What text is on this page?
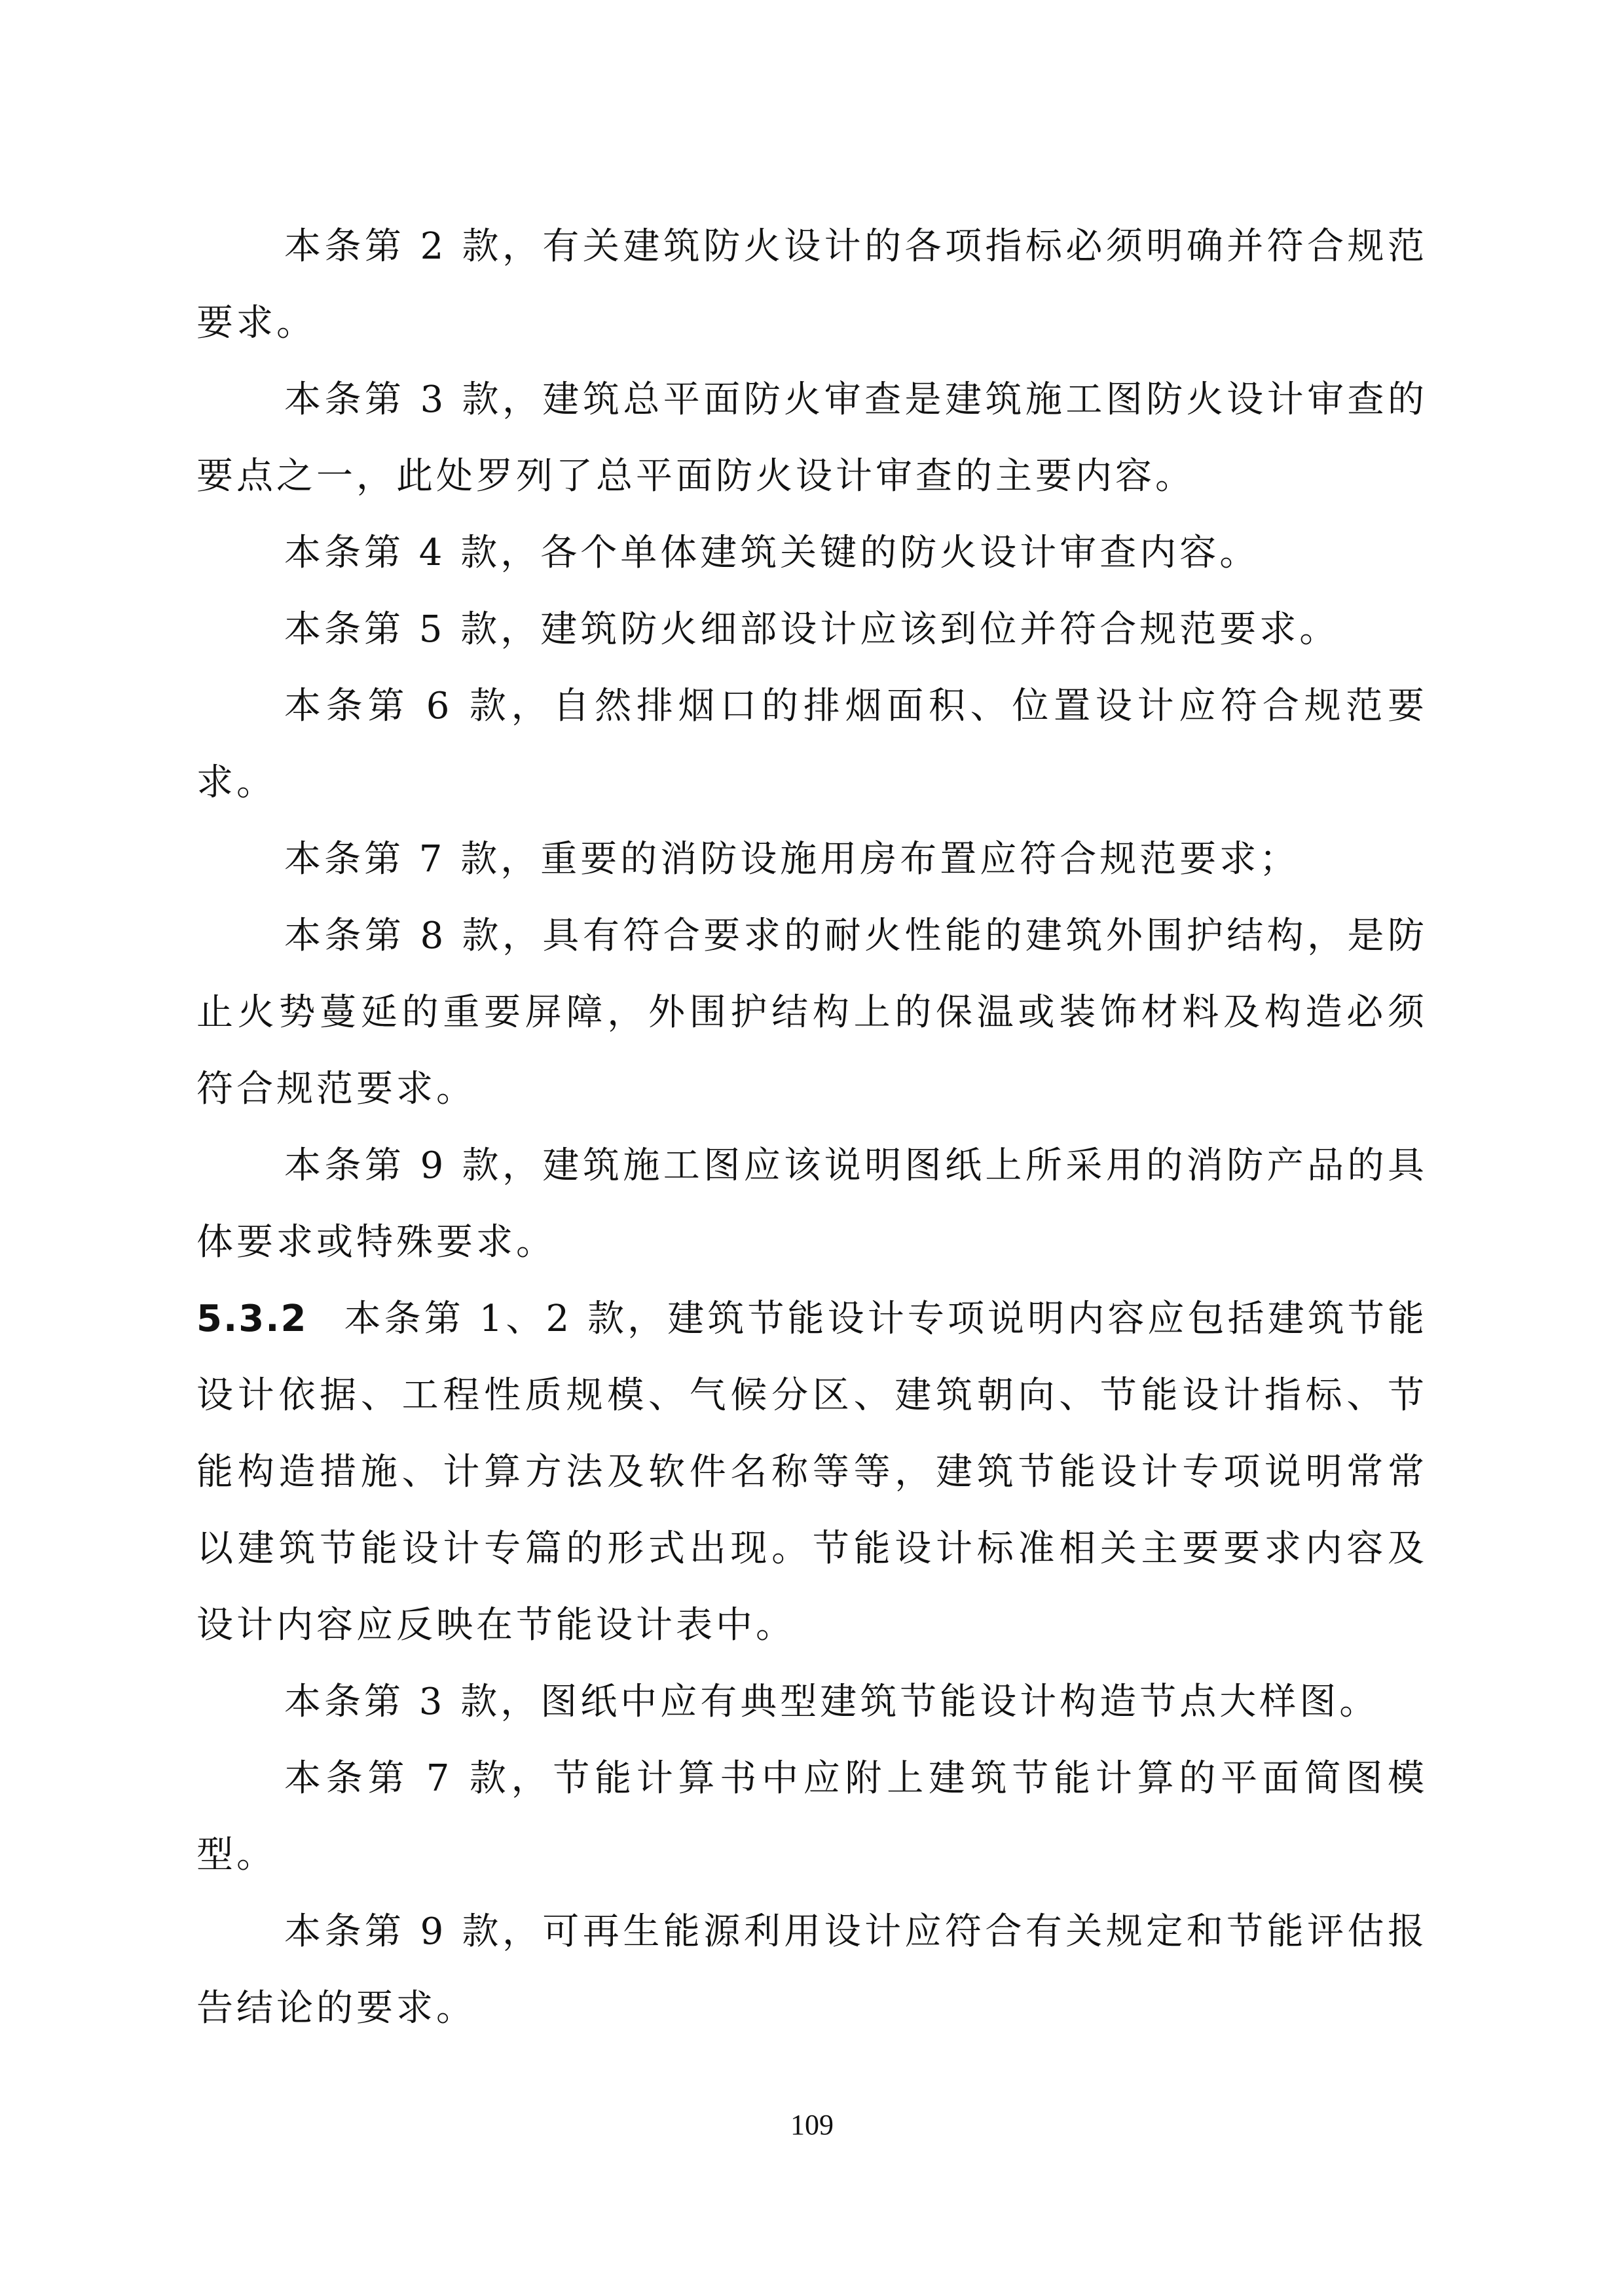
本条第 2 款，有关建筑防火设计的各项指标必须明确并符合规范要求。

本条第 3 款，建筑总平面防火审查是建筑施工图防火设计审查的要点之一，此处罗列了总平面防火设计审查的主要内容。

本条第 4 款，各个单体建筑关键的防火设计审查内容。

本条第 5 款，建筑防火细部设计应该到位并符合规范要求。

本条第 6 款，自然排烟口的排烟面积、位置设计应符合规范要求。

本条第 7 款，重要的消防设施用房布置应符合规范要求；

本条第 8 款，具有符合要求的耐火性能的建筑外围护结构，是防止火势蔓延的重要屏障，外围护结构上的保温或装饰材料及构造必须符合规范要求。

本条第 9 款，建筑施工图应该说明图纸上所采用的消防产品的具体要求或特殊要求。

5.3.2 本条第 1、2 款，建筑节能设计专项说明内容应包括建筑节能设计依据、工程性质规模、气候分区、建筑朝向、节能设计指标、节能构造措施、计算方法及软件名称等等，建筑节能设计专项说明常常以建筑节能设计专篇的形式出现。节能设计标准相关主要要求内容及设计内容应反映在节能设计表中。

本条第 3 款，图纸中应有典型建筑节能设计构造节点大样图。

本条第 7 款，节能计算书中应附上建筑节能计算的平面简图模型。

本条第 9 款，可再生能源利用设计应符合有关规定和节能评估报告结论的要求。

109
